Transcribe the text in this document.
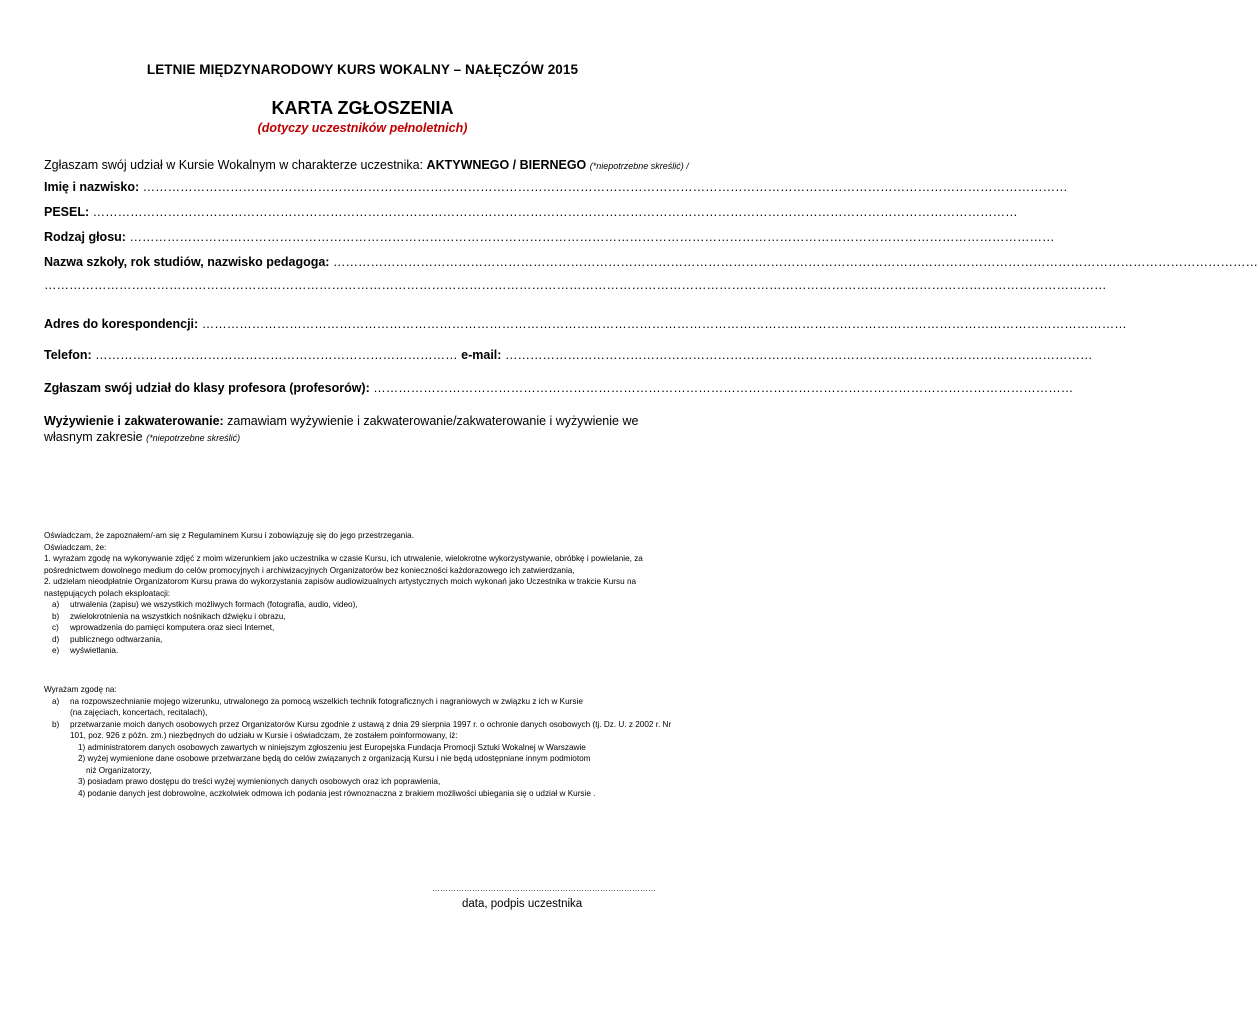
LETNIE MIĘDZYNARODOWY KURS WOKALNY – NAŁĘCZÓW 2015
KARTA ZGŁOSZENIA
(dotyczy uczestników pełnoletnich)
Zgłaszam swój udział w Kursie Wokalnym w charakterze uczestnika: AKTYWNEGO / BIERNEGO (*niepotrzebne skreślić) /
Imię i nazwisko: ……………………………………………………………………………………………………………………………………………………………………………………………………
PESEL: ……………………………………………………………………………………………………………………………………………………………………………………………………
Rodzaj głosu: ……………………………………………………………………………………………………………………………………………………………………………………………………
Nazwa szkoły, rok studiów, nazwisko pedagoga: ……………………………………………………………………………………………………………………………………………………………………………………………………
…………………………………………………………………………………………………………………………………………………………………………………………………………………………………
Adres do korespondencji: ……………………………………………………………………………………………………………………………………………………………………………………………………
Telefon: …………………………………………………………………………… e-mail: ……………………………………………………………………………………………………………………………
Zgłaszam swój udział do klasy profesora (profesorów): ……………………………………………………………………………………………………………………………………………………
Wyżywienie i zakwaterowanie: zamawiam wyżywienie i zakwaterowanie/zakwaterowanie i wyżywienie we własnym zakresie (*niepotrzebne skreślić)
Oświadczam, że zapoznałem/-am się z Regulaminem Kursu i zobowiązuję się do jego przestrzegania.
Oświadczam, że:
1. wyrażam zgodę na wykonywanie zdjęć z moim wizerunkiem jako uczestnika w czasie Kursu, ich utrwalenie, wielokrotne wykorzystywanie, obróbkę i powielanie, za pośrednictwem dowolnego medium do celów promocyjnych i archiwizacyjnych Organizatorów bez konieczności każdorazowego ich zatwierdzania,
2. udzielam nieodpłatnie Organizatorom Kursu prawa do wykorzystania zapisów audiowizualnych artystycznych moich wykonań jako Uczestnika w trakcie Kursu na następujących polach eksploatacji:
a) utrwalenia (zapisu) we wszystkich możliwych formach (fotografia, audio, video),
b) zwielokrotnienia na wszystkich nośnikach dźwięku i obrazu,
c) wprowadzenia do pamięci komputera oraz sieci Internet,
d) publicznego odtwarzania,
e) wyświetlania.
Wyrażam zgodę na:
a) na rozpowszechnianie mojego wizerunku, utrwalonego za pomocą wszelkich technik fotograficznych i nagraniowych w związku z ich w Kursie
(na zajęciach, koncertach, recitalach),
b) przetwarzanie moich danych osobowych przez Organizatorów Kursu zgodnie z ustawą z dnia 29 sierpnia 1997 r. o ochronie danych osobowych (tj. Dz. U. z 2002 r. Nr 101, poz. 926 z późn. zm.) niezbędnych do udziału w Kursie i oświadczam, że zostałem poinformowany, iż:
1) administratorem danych osobowych zawartych w niniejszym zgłoszeniu jest Europejska Fundacja Promocji Sztuki Wokalnej w Warszawie
2) wyżej wymienione dane osobowe przetwarzane będą do celów związanych z organizacją Kursu i nie będą udostępniane innym podmiotom
niż Organizatorzy,
3) posiadam prawo dostępu do treści wyżej wymienionych danych osobowych oraz ich poprawienia,
4) podanie danych jest dobrowolne, aczkolwiek odmowa ich podania jest równoznaczna z brakiem możliwości ubiegania się o udział w Kursie .
…………………………………………………………………………
data, podpis uczestnika
